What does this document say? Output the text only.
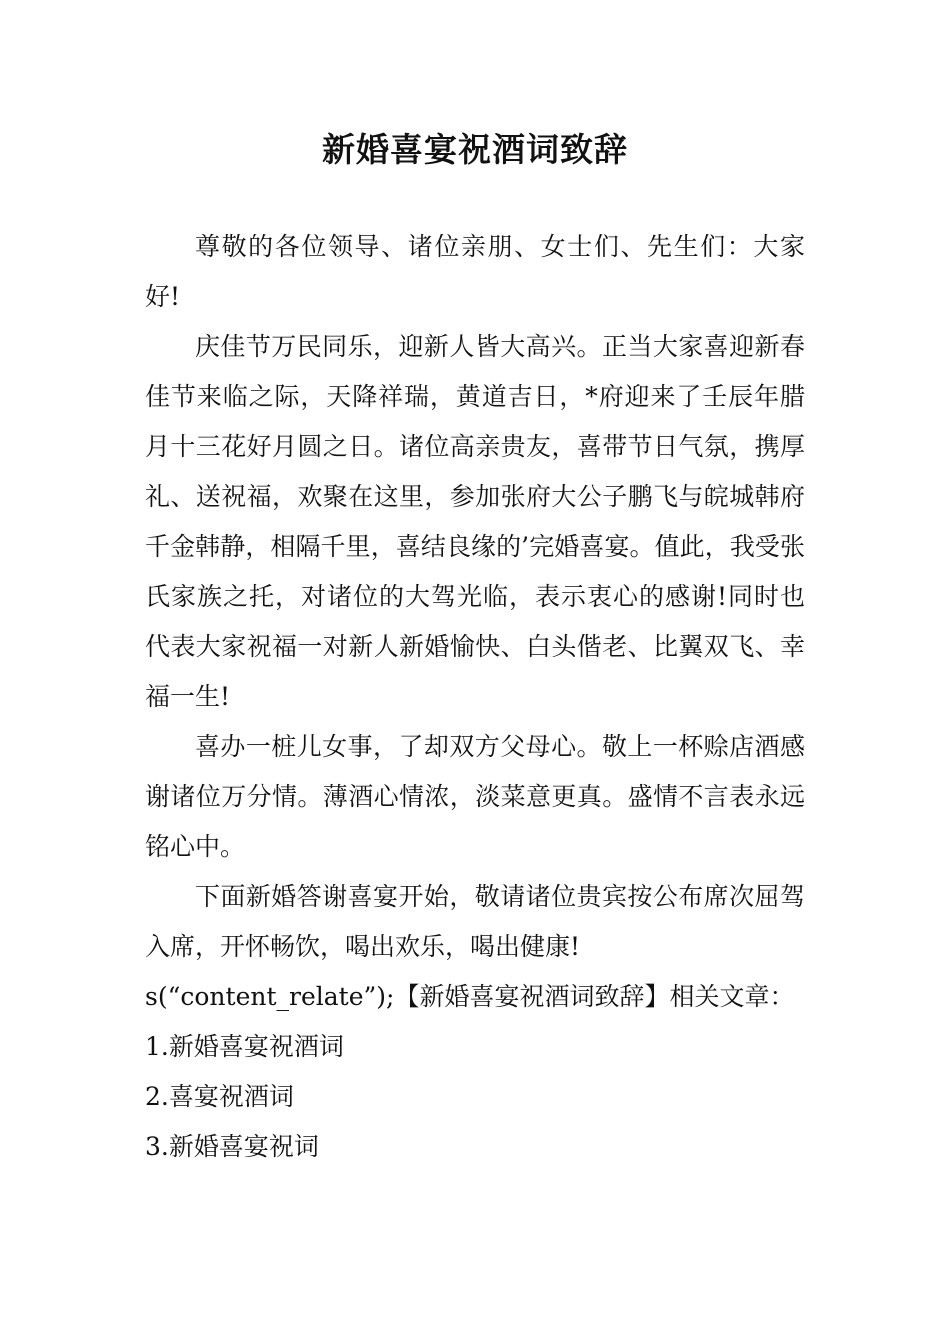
新婚喜宴祝酒词致辞

尊敬的各位领导、诸位亲朋、女士们、先生们：大家好!

庆佳节万民同乐，迎新人皆大高兴。正当大家喜迎新春佳节来临之际，天降祥瑞，黄道吉日，*府迎来了壬辰年腊月十三花好月圆之日。诸位高亲贵友，喜带节日气氛，携厚礼、送祝福，欢聚在这里，参加张府大公子鹏飞与皖城韩府千金韩静，相隔千里，喜结良缘的’完婚喜宴。值此，我受张氏家族之托，对诸位的大驾光临，表示衷心的感谢!同时也代表大家祝福一对新人新婚愉快、白头偕老、比翼双飞、幸福一生!

喜办一桩儿女事，了却双方父母心。敬上一杯赊店酒感谢诸位万分情。薄酒心情浓，淡菜意更真。盛情不言表永远铭心中。

下面新婚答谢喜宴开始，敬请诸位贵宾按公布席次屈驾入席，开怀畅饮，喝出欢乐，喝出健康!

s(“content_relate”);【新婚喜宴祝酒词致辞】相关文章：

1.新婚喜宴祝酒词

2.喜宴祝酒词

3.新婚喜宴祝词
